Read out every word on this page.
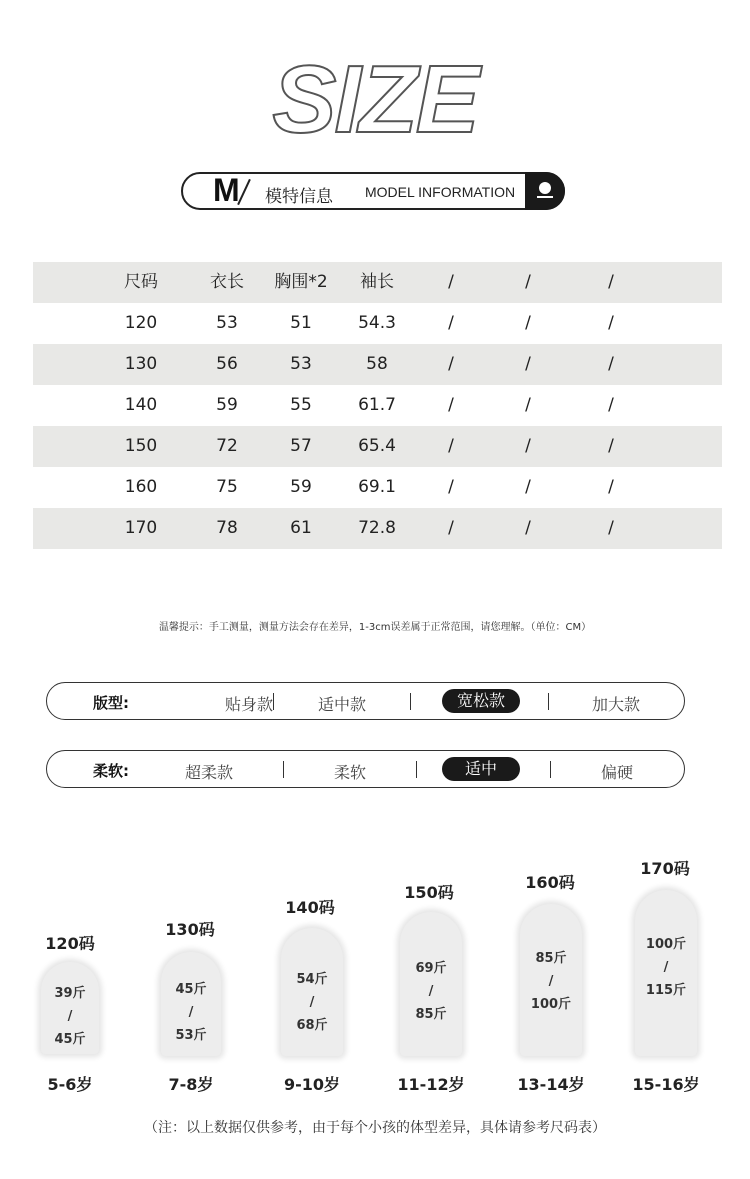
SIZE
M 模特信息 MODEL INFORMATION
尺码	衣长	胸围*2	袖长	/	/	/
120	53	51	54.3	/	/	/
130	56	53	58	/	/	/
140	59	55	61.7	/	/	/
150	72	57	65.4	/	/	/
160	75	59	69.1	/	/	/
170	78	61	72.8	/	/	/
温馨提示：手工测量，测量方法会存在差异，1-3cm误差属于正常范围，请您理解。（单位：CM）
版型:	贴身款	适中款	宽松款	加大款
柔软:	超柔款	柔软	适中	偏硬
120码
39斤
/
45斤
5-6岁
130码
45斤
/
53斤
7-8岁
140码
54斤
/
68斤
9-10岁
150码
69斤
/
85斤
11-12岁
160码
85斤
/
100斤
13-14岁
170码
100斤
/
115斤
15-16岁
（注：以上数据仅供参考，由于每个小孩的体型差异，具体请参考尺码表）
